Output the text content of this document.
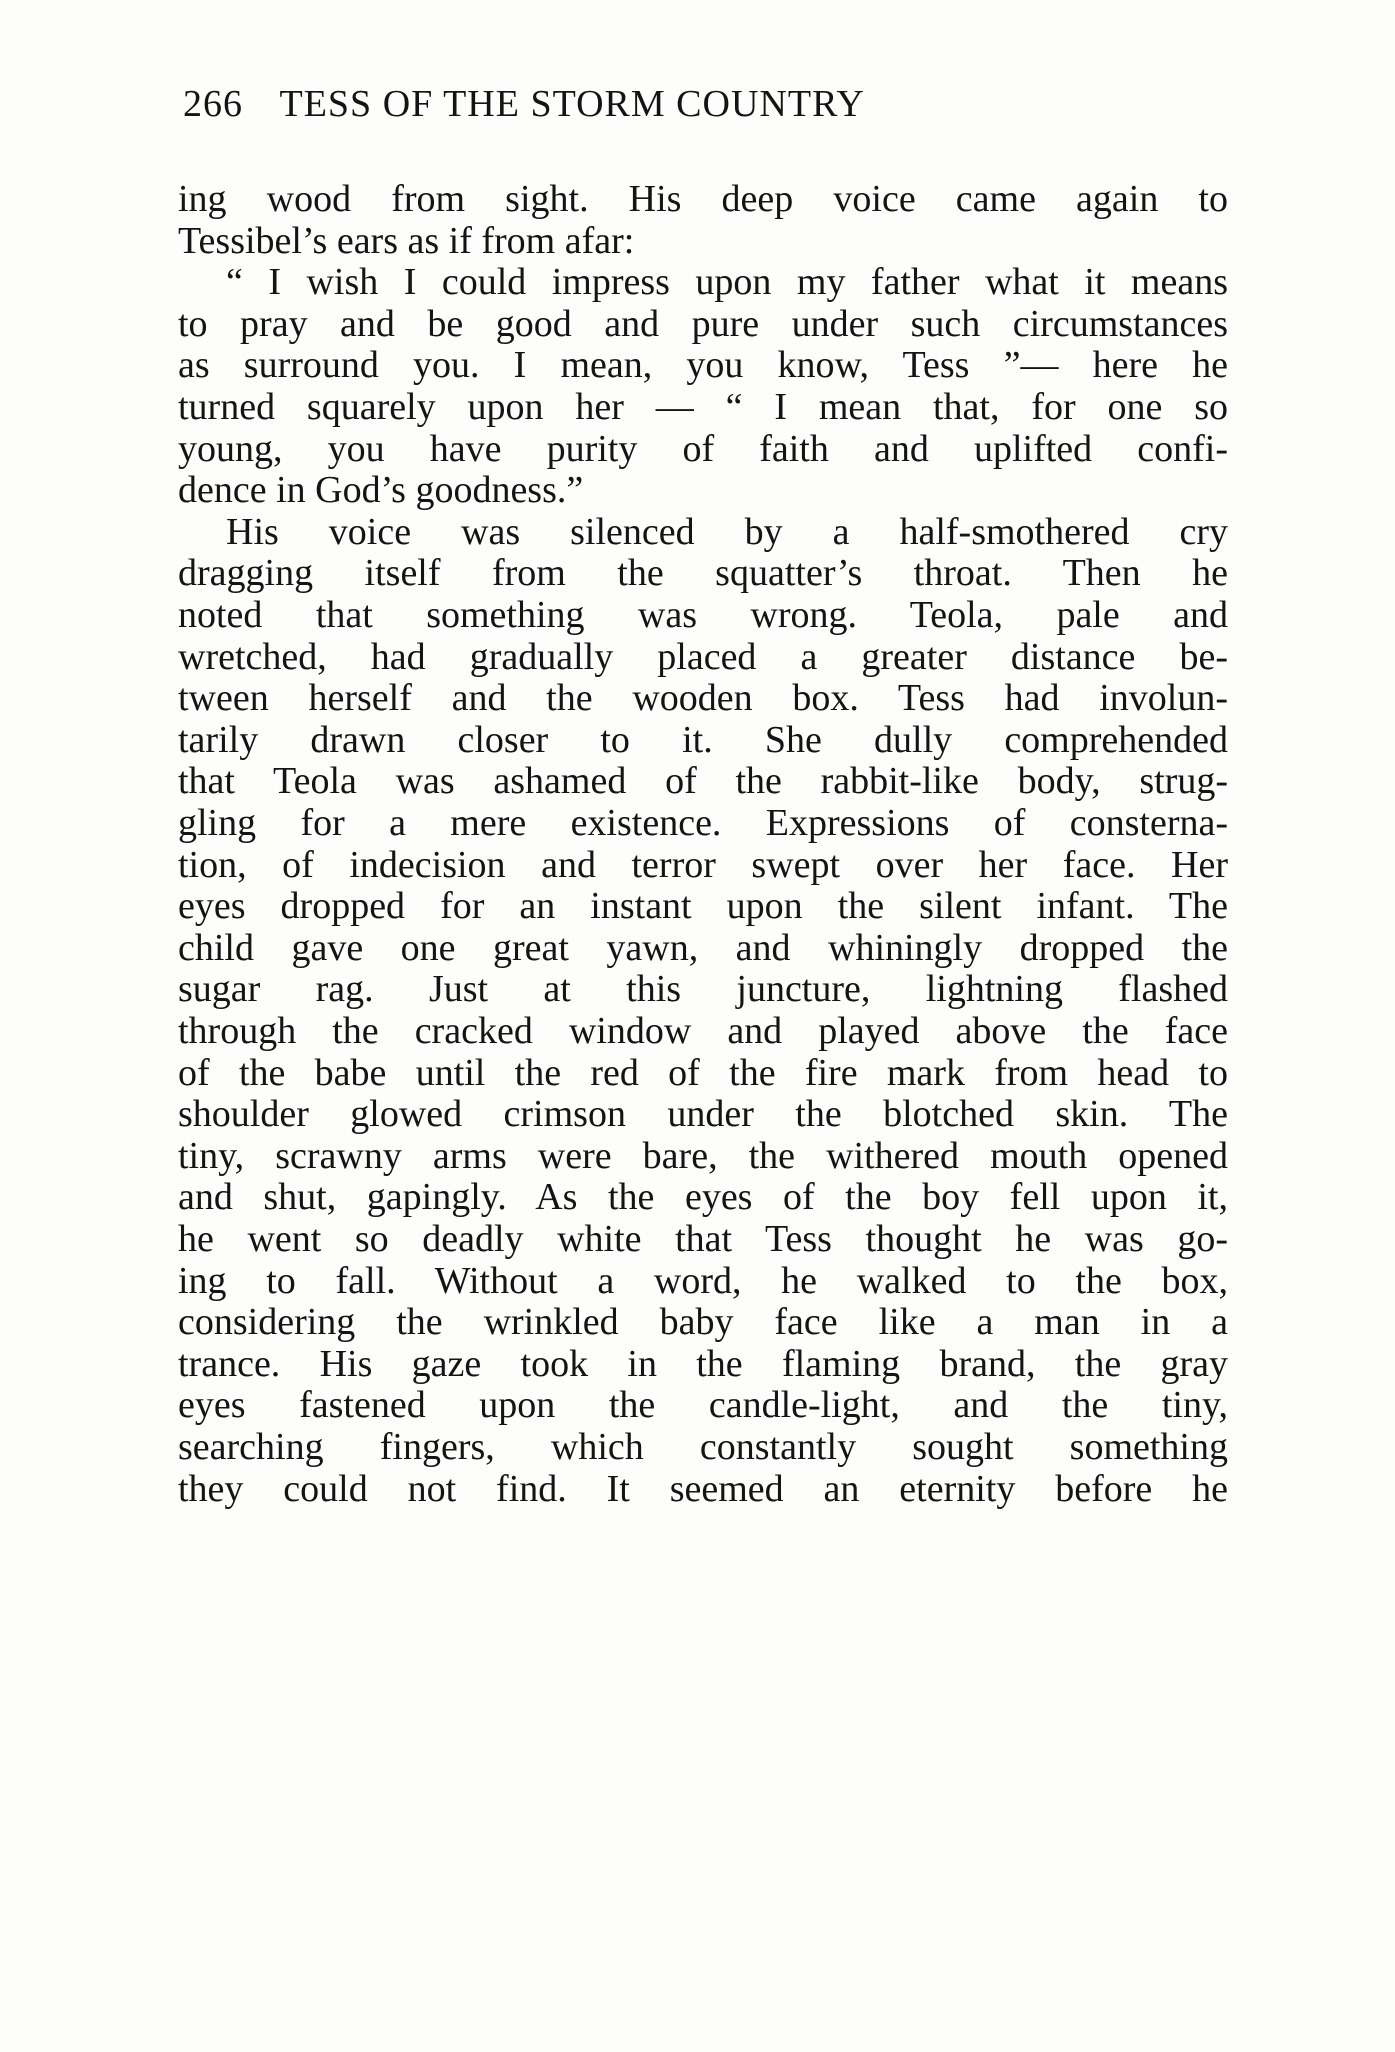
266 TESS OF THE STORM COUNTRY
ing wood from sight. His deep voice came again to
Tessibel’s ears as if from afar:
“ I wish I could impress upon my father what it means
to pray and be good and pure under such circumstances
as surround you. I mean, you know, Tess ”— here he
turned squarely upon her — “ I mean that, for one so
young, you have purity of faith and uplifted confi-
dence in God’s goodness.”
His voice was silenced by a half-smothered cry
dragging itself from the squatter’s throat. Then he
noted that something was wrong. Teola, pale and
wretched, had gradually placed a greater distance be-
tween herself and the wooden box. Tess had involun-
tarily drawn closer to it. She dully comprehended
that Teola was ashamed of the rabbit-like body, strug-
gling for a mere existence. Expressions of consterna-
tion, of indecision and terror swept over her face. Her
eyes dropped for an instant upon the silent infant. The
child gave one great yawn, and whiningly dropped the
sugar rag. Just at this juncture, lightning flashed
through the cracked window and played above the face
of the babe until the red of the fire mark from head to
shoulder glowed crimson under the blotched skin. The
tiny, scrawny arms were bare, the withered mouth opened
and shut, gapingly. As the eyes of the boy fell upon it,
he went so deadly white that Tess thought he was go-
ing to fall. Without a word, he walked to the box,
considering the wrinkled baby face like a man in a
trance. His gaze took in the flaming brand, the gray
eyes fastened upon the candle-light, and the tiny,
searching fingers, which constantly sought something
they could not find. It seemed an eternity before he
